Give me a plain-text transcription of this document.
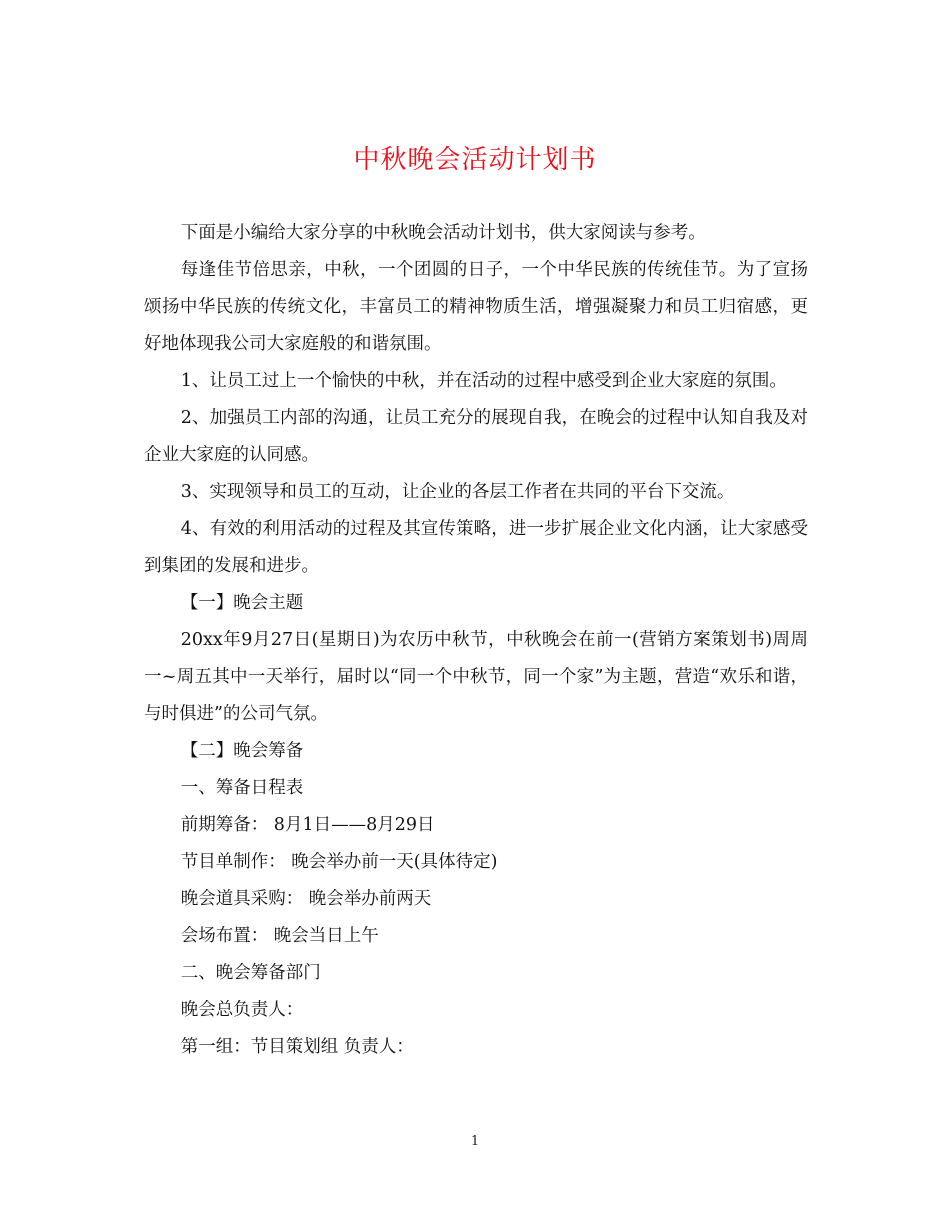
中秋晚会活动计划书

下面是小编给大家分享的中秋晚会活动计划书，供大家阅读与参考。

每逢佳节倍思亲，中秋，一个团圆的日子，一个中华民族的传统佳节。为了宣扬颂扬中华民族的传统文化，丰富员工的精神物质生活，增强凝聚力和员工归宿感，更好地体现我公司大家庭般的和谐氛围。

1、让员工过上一个愉快的中秋，并在活动的过程中感受到企业大家庭的氛围。

2、加强员工内部的沟通，让员工充分的展现自我，在晚会的过程中认知自我及对企业大家庭的认同感。

3、实现领导和员工的互动，让企业的各层工作者在共同的平台下交流。

4、有效的利用活动的过程及其宣传策略，进一步扩展企业文化内涵，让大家感受到集团的发展和进步。

【一】晚会主题

20xx年9月27日(星期日)为农历中秋节，中秋晚会在前一(营销方案策划书)周周一~周五其中一天举行，届时以“同一个中秋节，同一个家”为主题，营造“欢乐和谐，与时俱进”的公司气氛。

【二】晚会筹备

一、筹备日程表

前期筹备： 8月1日——8月29日

节目单制作： 晚会举办前一天(具体待定)

晚会道具采购： 晚会举办前两天

会场布置： 晚会当日上午

二、晚会筹备部门

晚会总负责人：

第一组：节目策划组 负责人：

1
